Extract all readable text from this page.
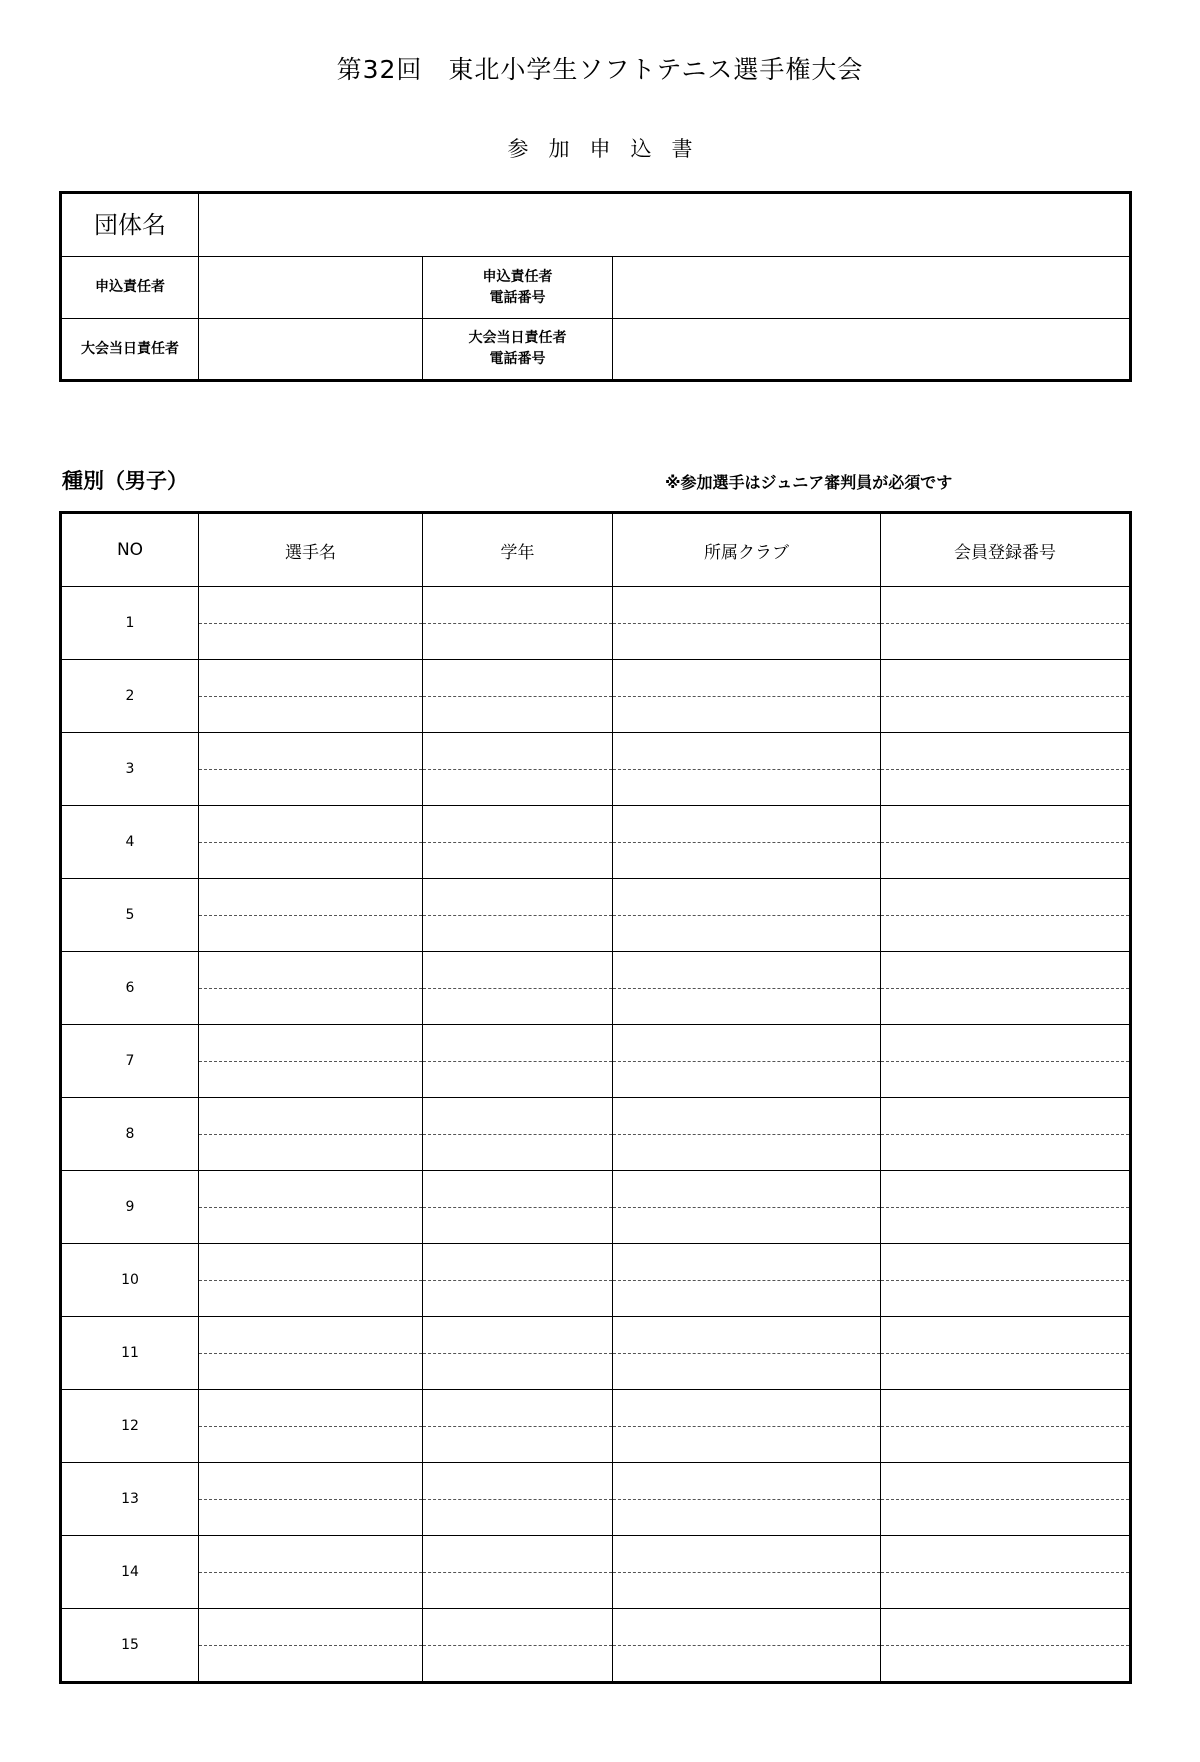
第32回　東北小学生ソフトテニス選手権大会
参加申込書
団体名			
申込責任者		申込責任者
電話番号	

大会当日責任者		大会当日責任者
電話番号	

種別（男子）	※参加選手はジュニア審判員が必須です
NO	選手名	学年	所属クラブ	会員登録番号
1				
2				
3				
4				
5				
6				
7				
8				
9				
10				
11				
12				
13				
14				
15				
